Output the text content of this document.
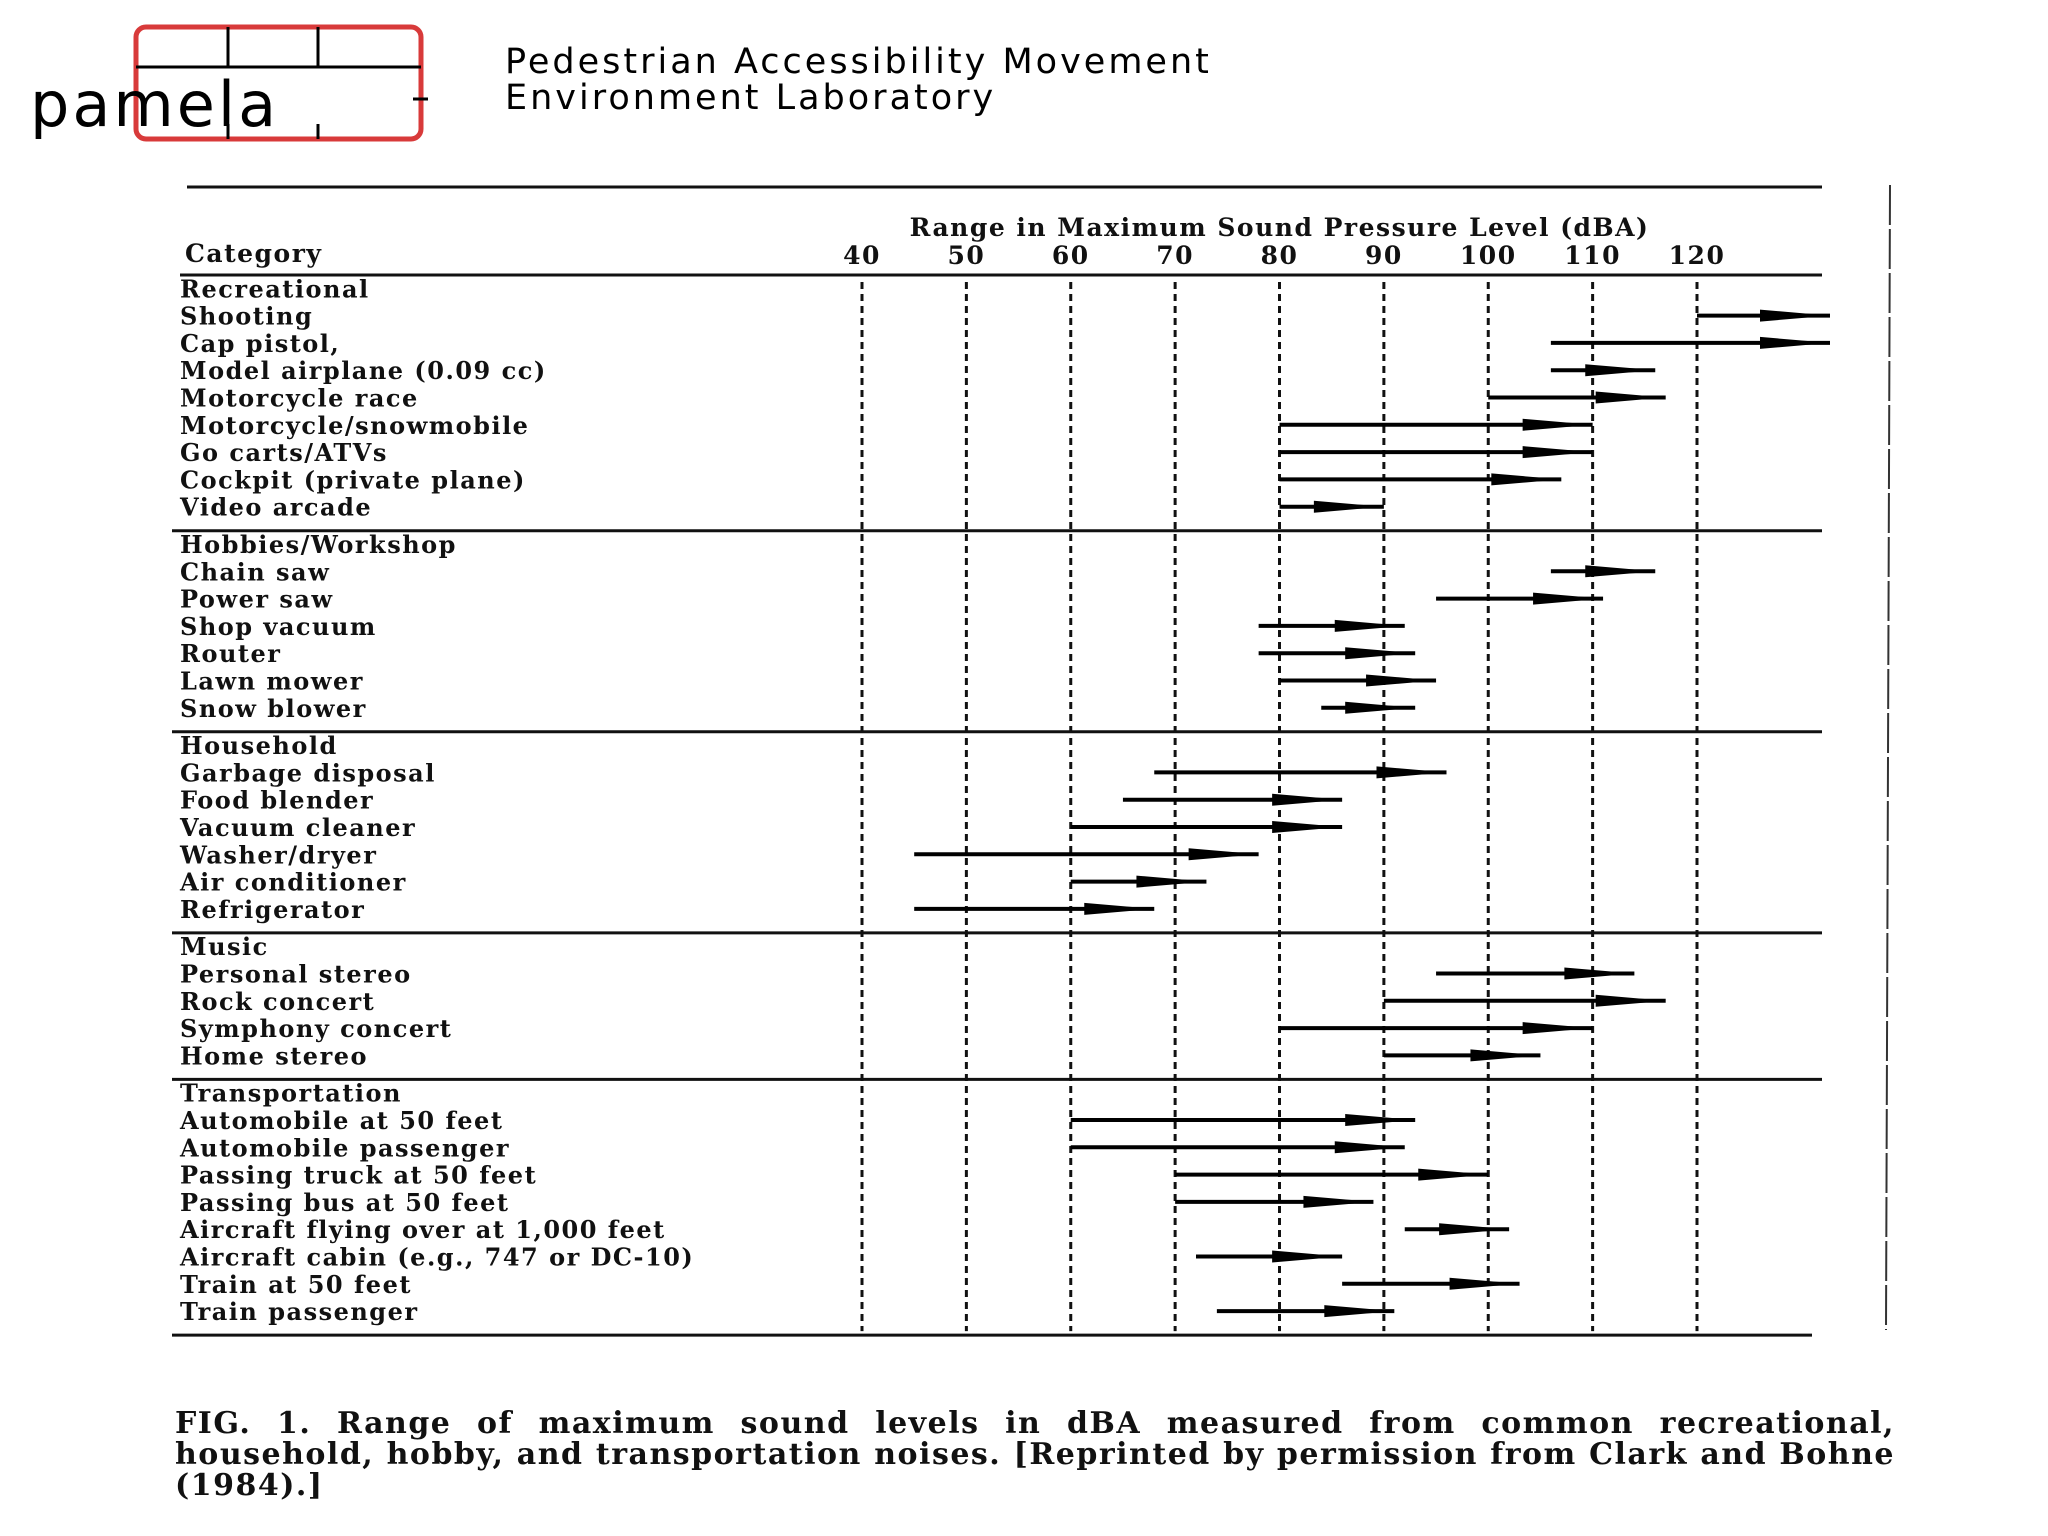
pamela
Pedestrian Accessibility Movement
Environment Laboratory
Range in Maximum Sound Pressure Level (dBA)
Category	40	50	60	70	80	90 100 110 120
Recreational
Hobbies/Workshop
Household
Music
Transportation
Shooting
Cap pistol,
Model airplane (0.09 cc)
Motorcycle race
Motorcycle/snowmobile
Go carts/ATVs
Cockpit (private plane)
Video arcade
Chain saw
Power saw
Shop vacuum
Router
Lawn mower
Snow blower
Garbage disposal
Food blender
Vacuum cleaner
Washer/dryer
Air conditioner
Refrigerator
Personal stereo
Rock concert
Symphony concert
Home stereo
Automobile at 50 feet
Automobile passenger
Passing truck at 50 feet
Passing bus at 50 feet
Aircraft flying over at 1,000 feet
Aircraft cabin (e.g., 747 or DC-10)
Train at 50 feet
Train passenger
FIG. 1. Range of maximum sound levels in dBA measured from common recreational, household, hobby, and transportation noises. [Reprinted by permission from Clark and Bohne (1984).]
